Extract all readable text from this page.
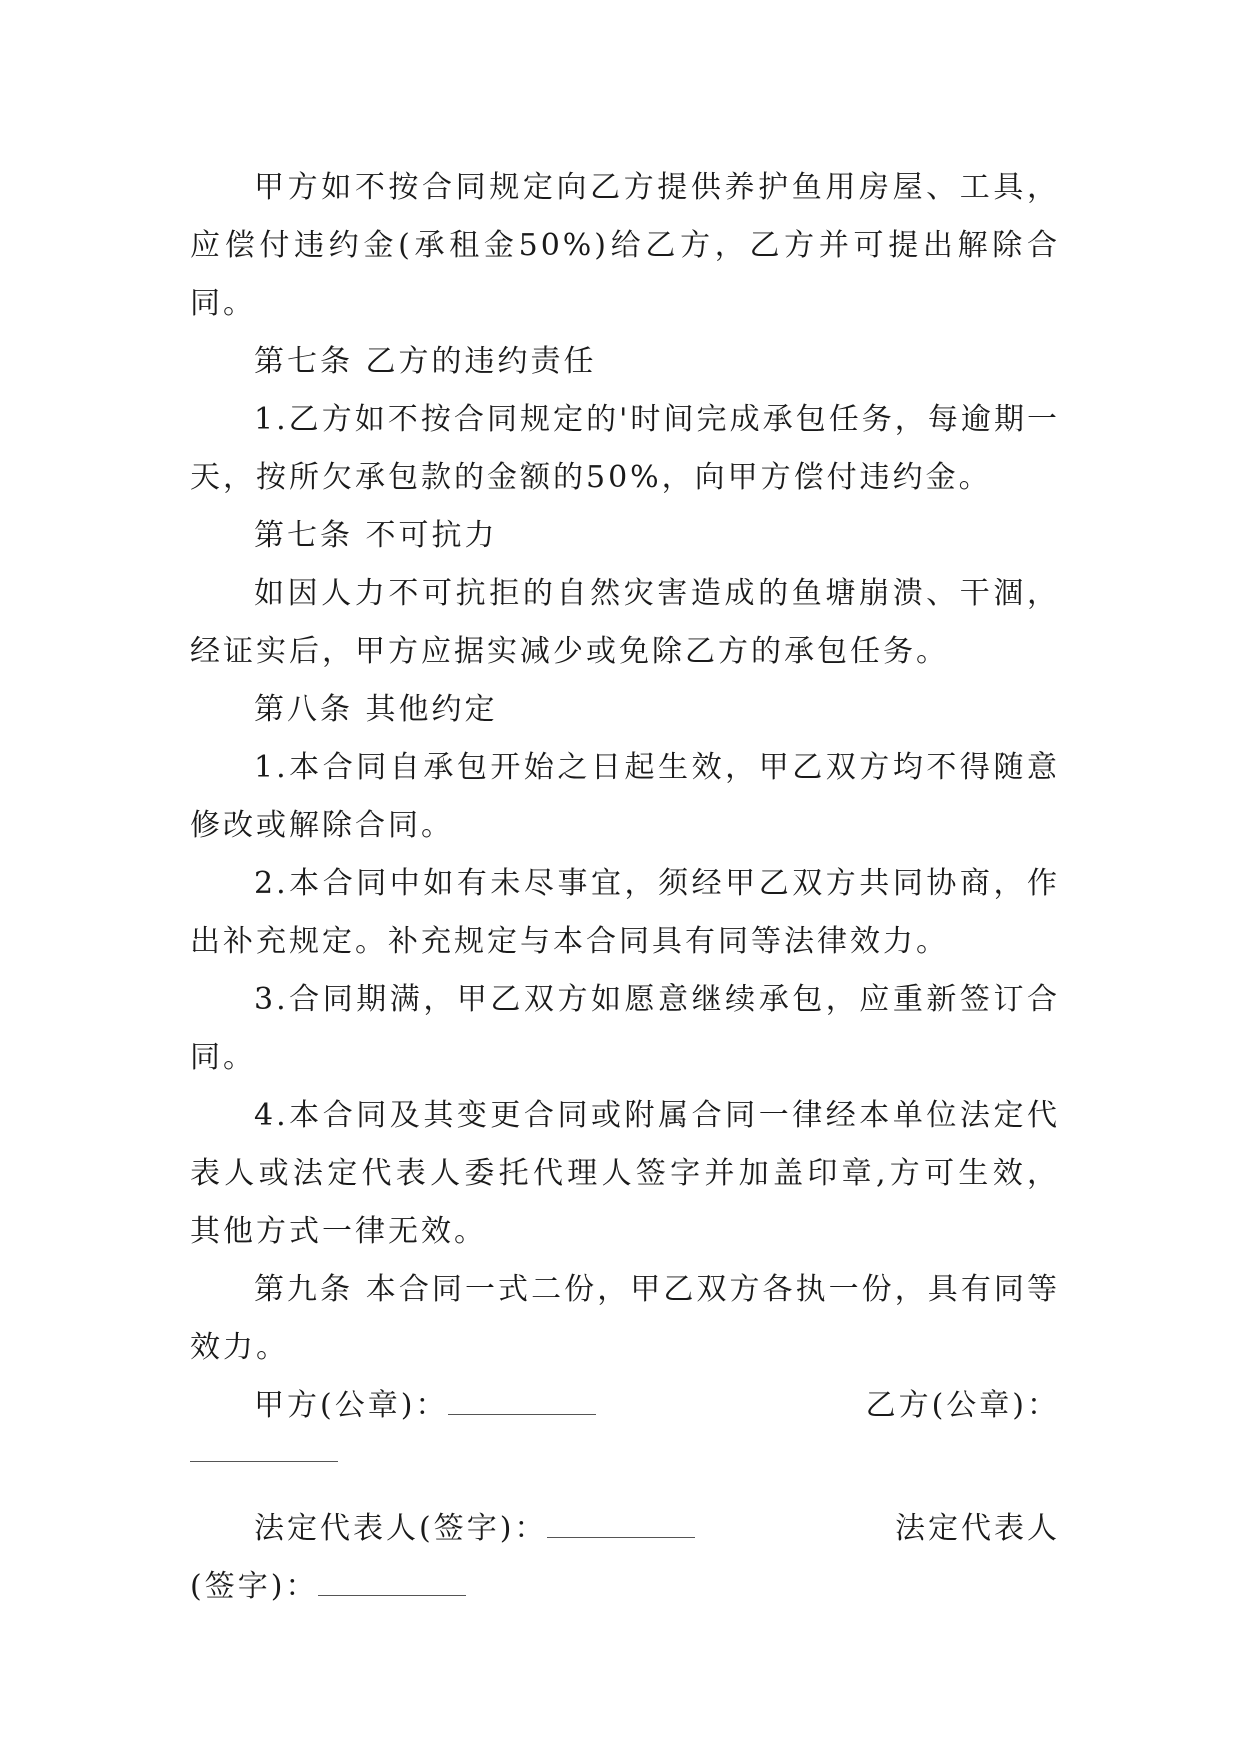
甲方如不按合同规定向乙方提供养护鱼用房屋、工具，应偿付违约金(承租金50%)给乙方，乙方并可提出解除合同。

第七条 乙方的违约责任

1.乙方如不按合同规定的'时间完成承包任务，每逾期一天，按所欠承包款的金额的50%，向甲方偿付违约金。

第七条 不可抗力

如因人力不可抗拒的自然灾害造成的鱼塘崩溃、干涸，经证实后，甲方应据实减少或免除乙方的承包任务。

第八条 其他约定

1.本合同自承包开始之日起生效，甲乙双方均不得随意修改或解除合同。

2.本合同中如有未尽事宜，须经甲乙双方共同协商，作出补充规定。补充规定与本合同具有同等法律效力。

3.合同期满，甲乙双方如愿意继续承包，应重新签订合同。

4.本合同及其变更合同或附属合同一律经本单位法定代表人或法定代表人委托代理人签字并加盖印章,方可生效，其他方式一律无效。

第九条 本合同一式二份，甲乙双方各执一份，具有同等效力。

甲方(公章)：	乙方(公章)：
法定代表人(签字)：	法定代表人
(签字)：
